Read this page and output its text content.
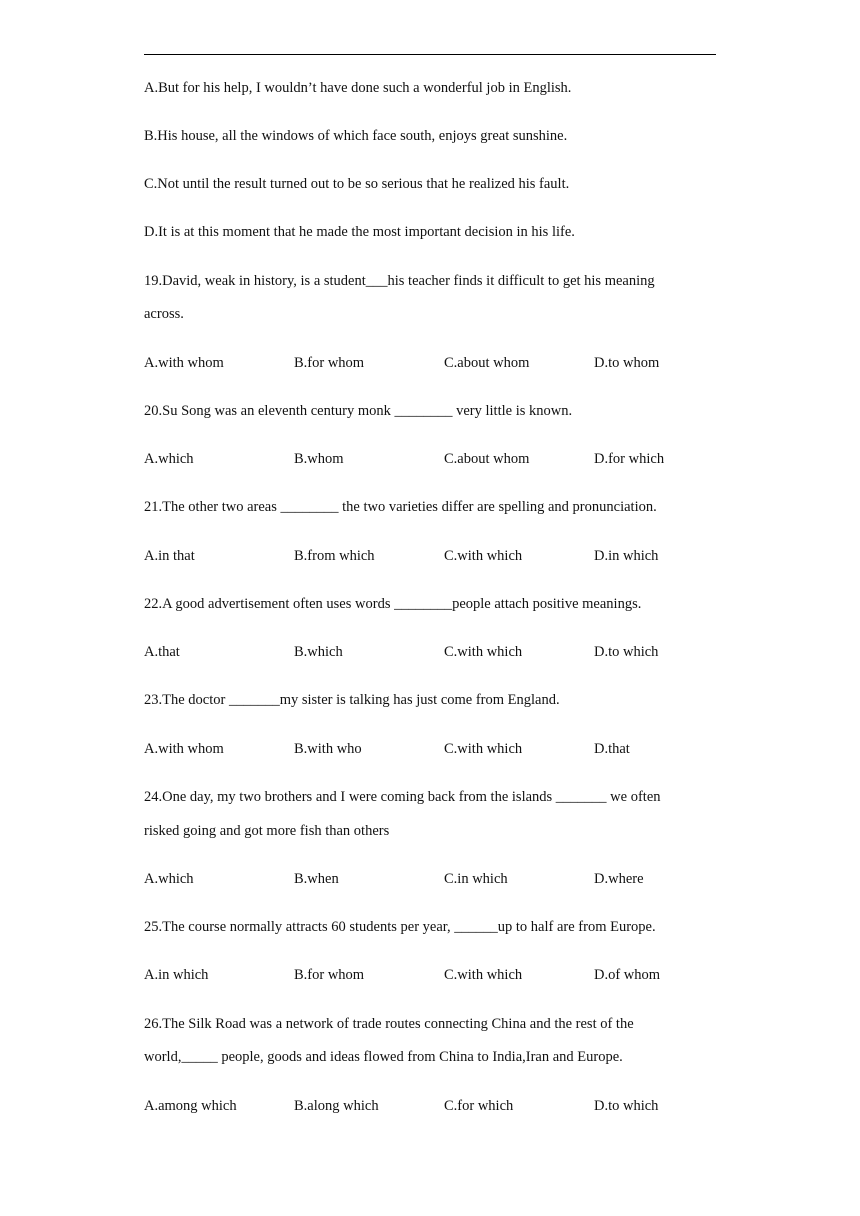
A.But for his help, I wouldn’t have done such a wonderful job in English.
B.His house, all the windows of which face south, enjoys great sunshine.
C.Not until the result turned out to be so serious that he realized his fault.
D.It is at this moment that he made the most important decision in his life.
19.David, weak in history, is a student___his teacher finds it difficult to get his meaning
across.
A.with whom	B.for whom	C.about whom	D.to whom
20.Su Song was an eleventh century monk ________ very little is known.
A.which	B.whom	C.about whom	D.for which
21.The other two areas ________ the two varieties differ are spelling and pronunciation.
A.in that	B.from which	C.with which	D.in which
22.A good advertisement often uses words ________people attach positive meanings.
A.that	B.which	C.with which	D.to which
23.The doctor _______my sister is talking has just come from England.
A.with whom	B.with who	C.with which	D.that
24.One day, my two brothers and I were coming back from the islands _______ we often
risked going and got more fish than others
A.which	B.when	C.in which	D.where
25.The course normally attracts 60 students per year, ______up to half are from Europe.
A.in which	B.for whom	C.with which	D.of whom
26.The Silk Road was a network of trade routes connecting China and the rest of the
world,_____ people, goods and ideas flowed from China to India,Iran and Europe.
A.among which	B.along which	C.for which	D.to which
